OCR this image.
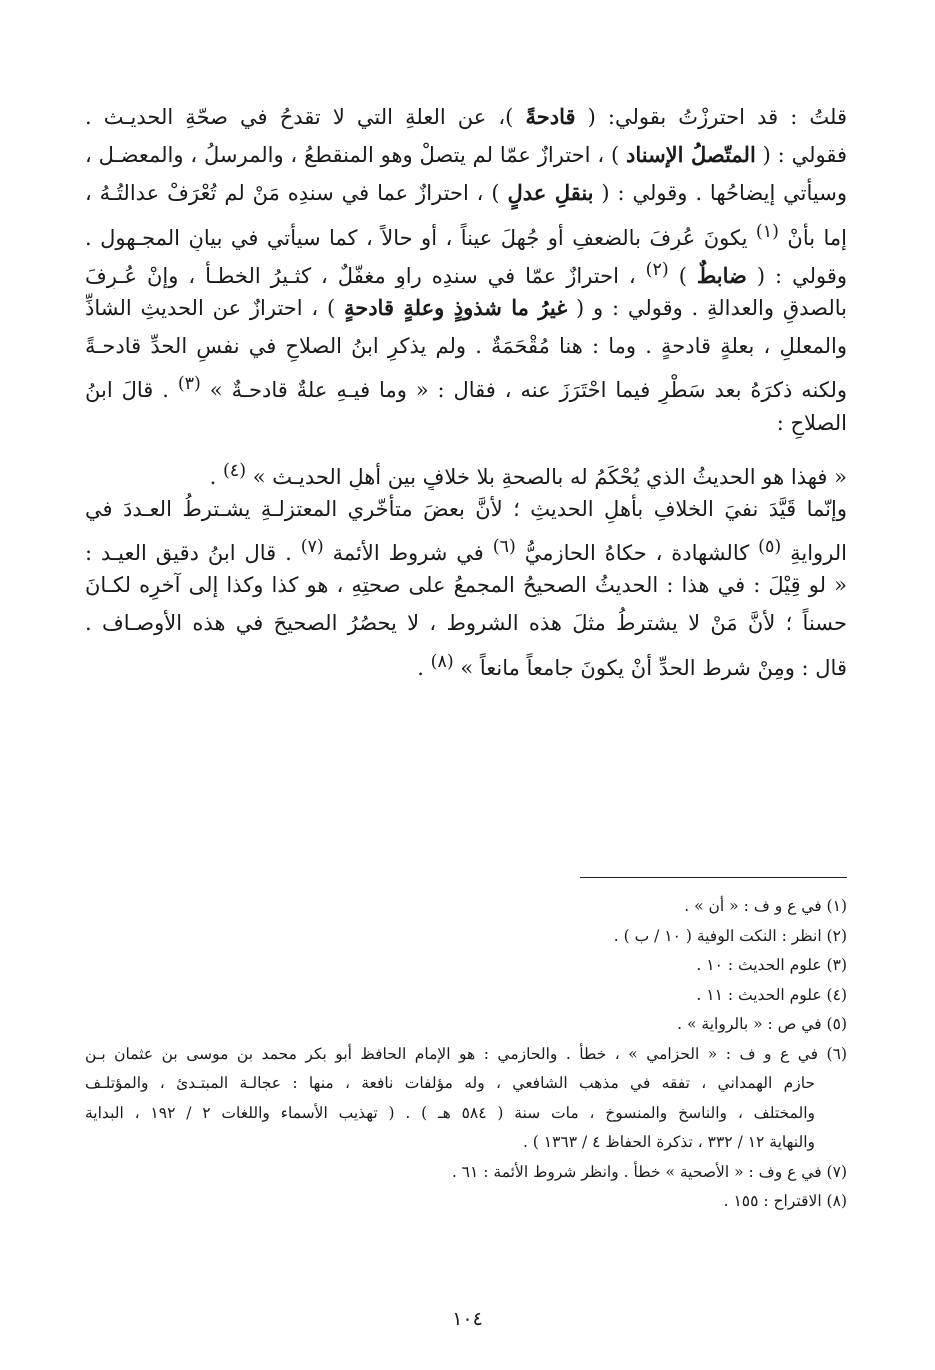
قلتُ : قد احترزْتُ بقولي: ( قادحةً )، عن العلةِ التي لا تقدحُ في صحّةِ الحديـث .
فقولي : ( المتّصلُ الإسناد ) ، احترازٌ عمّا لم يتصلْ وهو المنقطعُ ، والمرسلُ ، والمعضـل ،
وسيأتي إيضاحُها . وقولي : ( بنقلِ عدلٍ ) ، احترازٌ عما في سندِه مَنْ لم تُعْرَفْ عدالتُـهُ ،
إما بأنْ $^{(١)}$ يكونَ عُرِفَ بالضعفِ أو جُهلَ عيناً ، أو حالاً ، كما سيأتي في بيانِ المجـهول .
وقولي : ( ضابطٌ ) $^{(٢)}$ ، احترازٌ عمّا في سندِه راوٍ مغفّلٌ ، كثـيرُ الخطـأ ، وإنْ عُـرِفَ
بالصدقِ والعدالةِ . وقولي : و ( غيرُ ما شذوذٍ وعلةٍ قادحةٍ ) ، احترازٌ عن الحديثِ الشاذِّ
والمعللِ ، بعلةٍ قادحةٍ . وما : هنا مُقْحَمَةٌ . ولم يذكرِ ابنُ الصلاحِ في نفسِ الحدِّ قادحـةً
ولكنه ذكرَهُ بعد سَطْرٍ فيما احْتَرَزَ عنه ، فقال : « وما فيـهِ علةٌ قادحـةٌ » $^{(٣)}$ . قالَ ابنُ
الصلاحِ :
« فهذا هو الحديثُ الذي يُحْكَمُ له بالصحةِ بلا خلافٍ بين أهلِ الحديـث » $^{(٤)}$ .
وإنّما قَيَّدَ نفيَ الخلافِ بأهلِ الحديثِ ؛ لأنَّ بعضَ متأخّري المعتزلـةِ يشـترطُ العـددَ في
الروايةِ $^{(٥)}$ كالشهادة ، حكاهُ الحازميُّ $^{(٦)}$ في شروط الأئمة $^{(٧)}$ . قال ابنُ دقيقِ العيـد :
« لو قِيْلَ : في هذا : الحديثُ الصحيحُ المجمعُ على صحتِهِ ، هو كذا وكذا إلى آخرِه لكـانَ
حسناً ؛ لأنَّ مَنْ لا يشترطُ مثلَ هذه الشروط ، لا يحصُرُ الصحيحَ في هذه الأوصـاف .
قال : ومِنْ شرط الحدِّ أنْ يكونَ جامعاً مانعاً » $^{(٨)}$ .
(١) في ع و ف : « أن » .
(٢) انظر : النكت الوفية ( ١٠ / ب ) .
(٣) علوم الحديث : ١٠ .
(٤) علوم الحديث : ١١ .
(٥) في ص : « بالرواية » .
(٦) في ع و ف : « الحزامي » ، خطأ . والحازمي : هو الإمام الحافظ أبو بكر محمد بن موسى بن عثمان بـن
حازم الهمداني ، تفقه في مذهب الشافعي ، وله مؤلفات نافعة ، منها : عجالـة المبتـدئ ، والمؤتلـف
والمختلف ، والناسخ والمنسوخ ، مات سنة ( ٥٨٤ هـ ) . ( تهذيب الأسماء واللغات ٢ / ١٩٢ ، البداية
والنهاية ١٢ / ٣٣٢ ، تذكرة الحفاظ ٤ / ١٣٦٣ ) .
(٧) في ع وف : « الأصحية » خطأ . وانظر شروط الأئمة : ٦١ .
(٨) الاقتراح : ١٥٥ .
١٠٤
